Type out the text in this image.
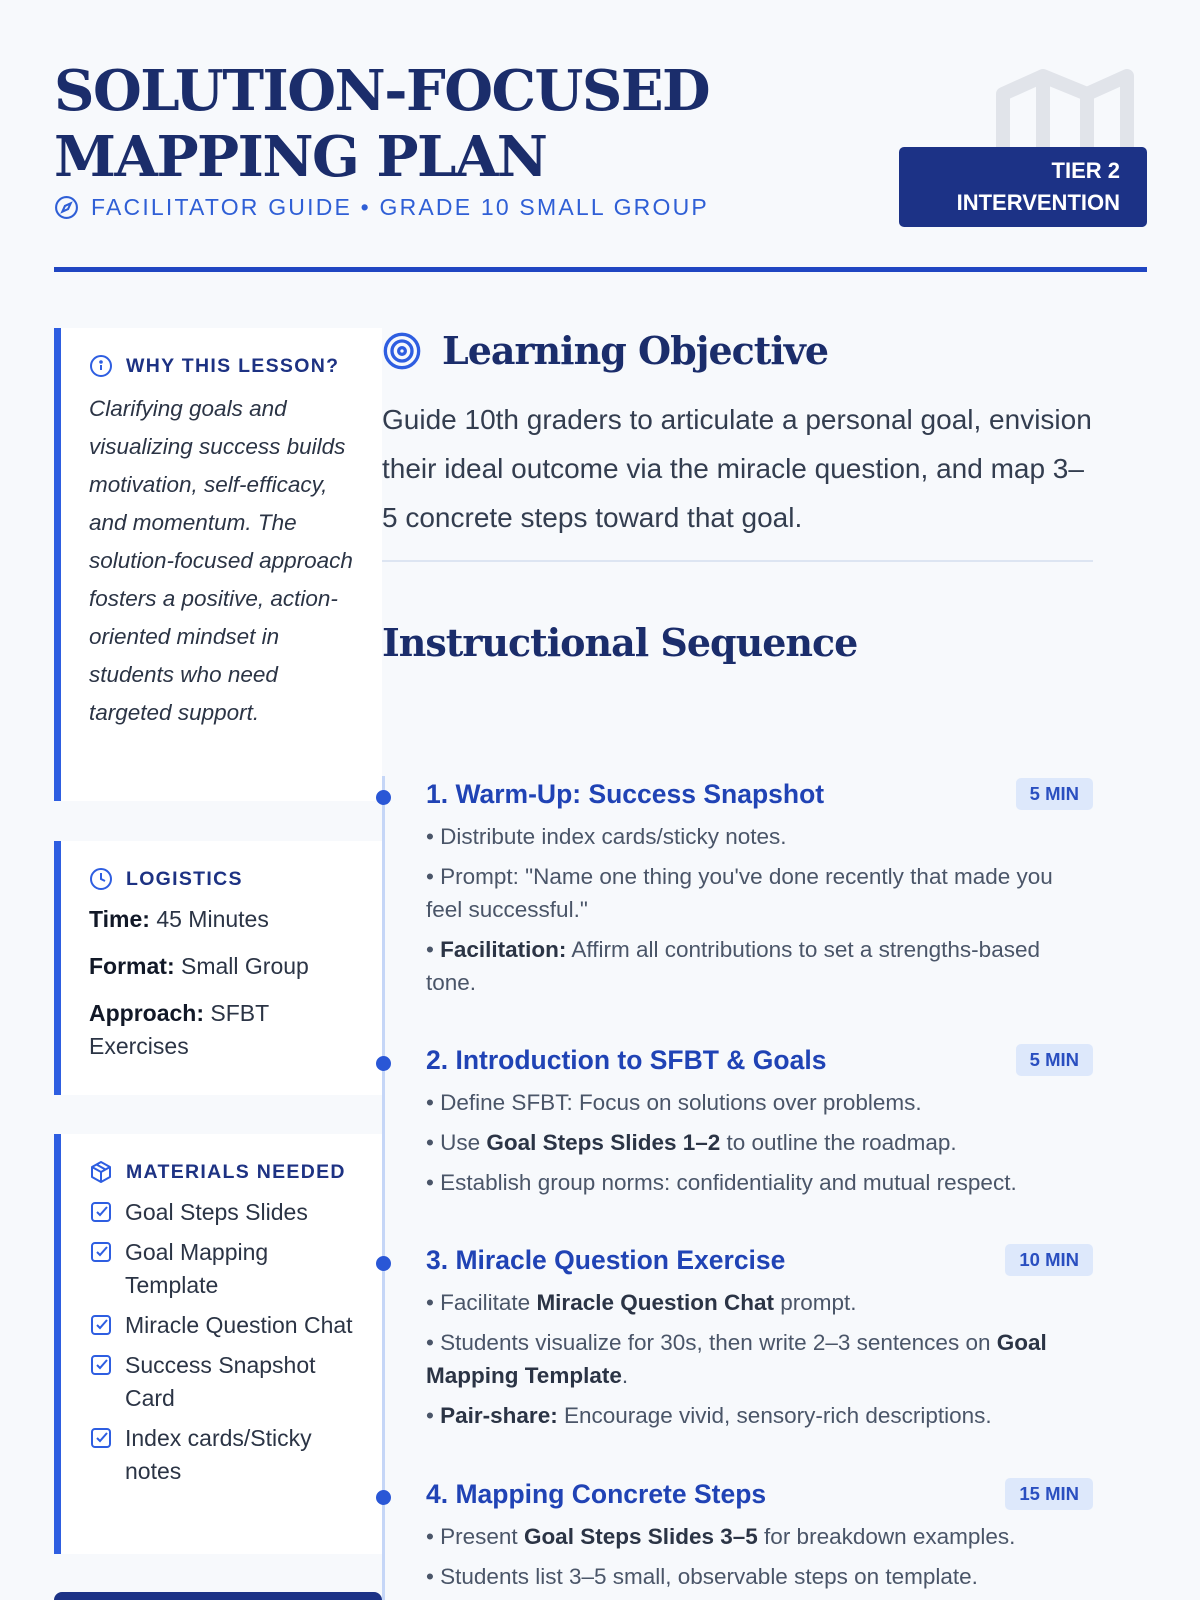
SOLUTION-FOCUSED MAPPING PLAN
FACILITATOR GUIDE • GRADE 10 SMALL GROUP
TIER 2 INTERVENTION
WHY THIS LESSON?

Clarifying goals and visualizing success builds motivation, self-efficacy, and momentum. The solution-focused approach fosters a positive, action-oriented mindset in students who need targeted support.

LOGISTICS
Time: 45 Minutes
Format: Small Group
Approach: SFBT Exercises
MATERIALS NEEDED
Goal Steps Slides
Goal Mapping Template
Miracle Question Chat
Success Snapshot Card
Index cards/Sticky notes
Learning Objective

Guide 10th graders to articulate a personal goal, envision their ideal outcome via the miracle question, and map 3–5 concrete steps toward that goal.

Instructional Sequence
1. Warm-Up: Success Snapshot	5 MIN
• Distribute index cards/sticky notes.
• Prompt: "Name one thing you've done recently that made you feel successful."
• Facilitation: Affirm all contributions to set a strengths-based tone.
2. Introduction to SFBT & Goals	5 MIN
• Define SFBT: Focus on solutions over problems.
• Use Goal Steps Slides 1–2 to outline the roadmap.
• Establish group norms: confidentiality and mutual respect.
3. Miracle Question Exercise	10 MIN
• Facilitate Miracle Question Chat prompt.
• Students visualize for 30s, then write 2–3 sentences on Goal Mapping Template.
• Pair-share: Encourage vivid, sensory-rich descriptions.
4. Mapping Concrete Steps	15 MIN
• Present Goal Steps Slides 3–5 for breakdown examples.
• Students list 3–5 small, observable steps on template.
